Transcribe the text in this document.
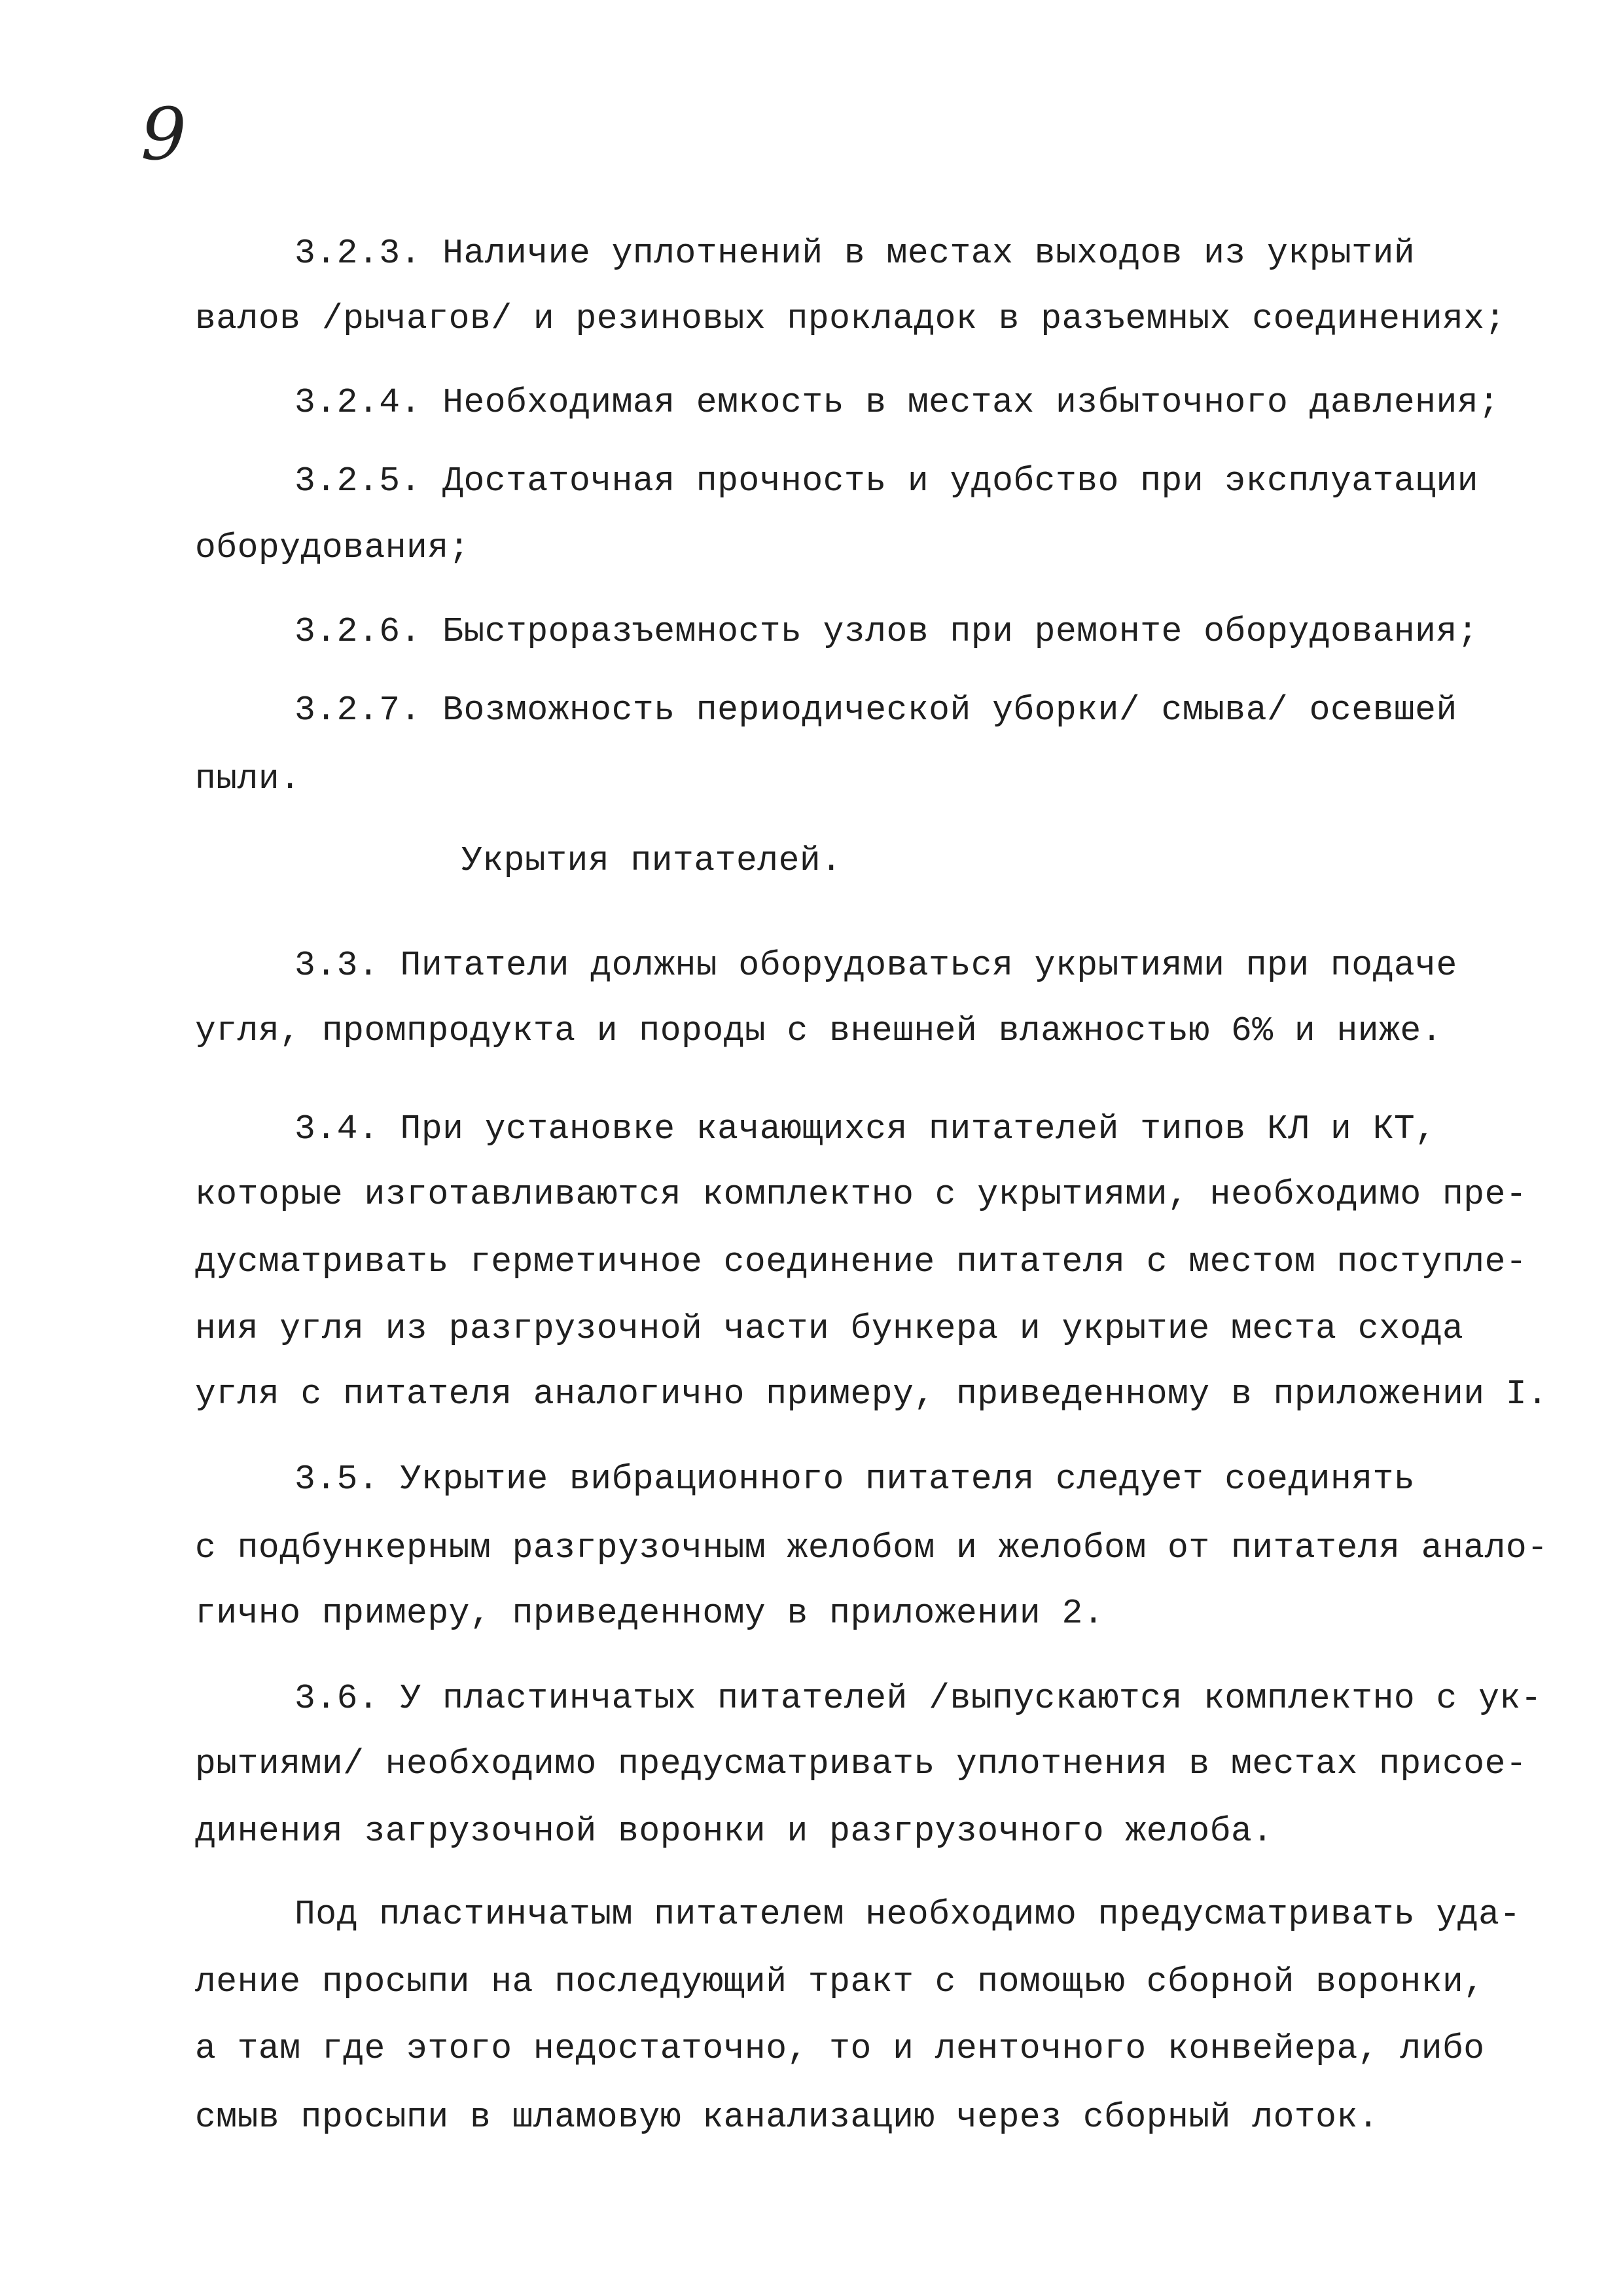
9

3.2.3. Наличие уплотнений в местах выходов из укрытий

валов /рычагов/ и резиновых прокладок в разъемных соединениях;

3.2.4. Необходимая емкость в местах избыточного давления;

3.2.5. Достаточная прочность и удобство при эксплуатации

оборудования;

3.2.6. Быстроразъемность узлов при ремонте оборудования;

3.2.7. Возможность периодической уборки/ смыва/ осевшей

пыли.

Укрытия питателей.

3.3. Питатели должны оборудоваться укрытиями при подаче

угля, промпродукта и породы с внешней влажностью 6% и ниже.

3.4. При установке качающихся питателей типов КЛ и КТ,

которые изготавливаются комплектно с укрытиями, необходимо пре-

дусматривать герметичное соединение питателя с местом поступле-

ния угля из разгрузочной части бункера и укрытие места схода

угля с питателя аналогично примеру, приведенному в приложении I.

3.5. Укрытие вибрационного питателя следует соединять

с подбункерным разгрузочным желобом и желобом от питателя анало-

гично примеру, приведенному в приложении 2.

3.6. У пластинчатых питателей /выпускаются комплектно с ук-

рытиями/ необходимо предусматривать уплотнения в местах присое-

динения загрузочной воронки и разгрузочного желоба.

Под пластинчатым питателем необходимо предусматривать уда-

ление просыпи на последующий тракт с помощью сборной воронки,

а там где этого недостаточно, то и ленточного конвейера, либо

смыв просыпи в шламовую канализацию через сборный лоток.
